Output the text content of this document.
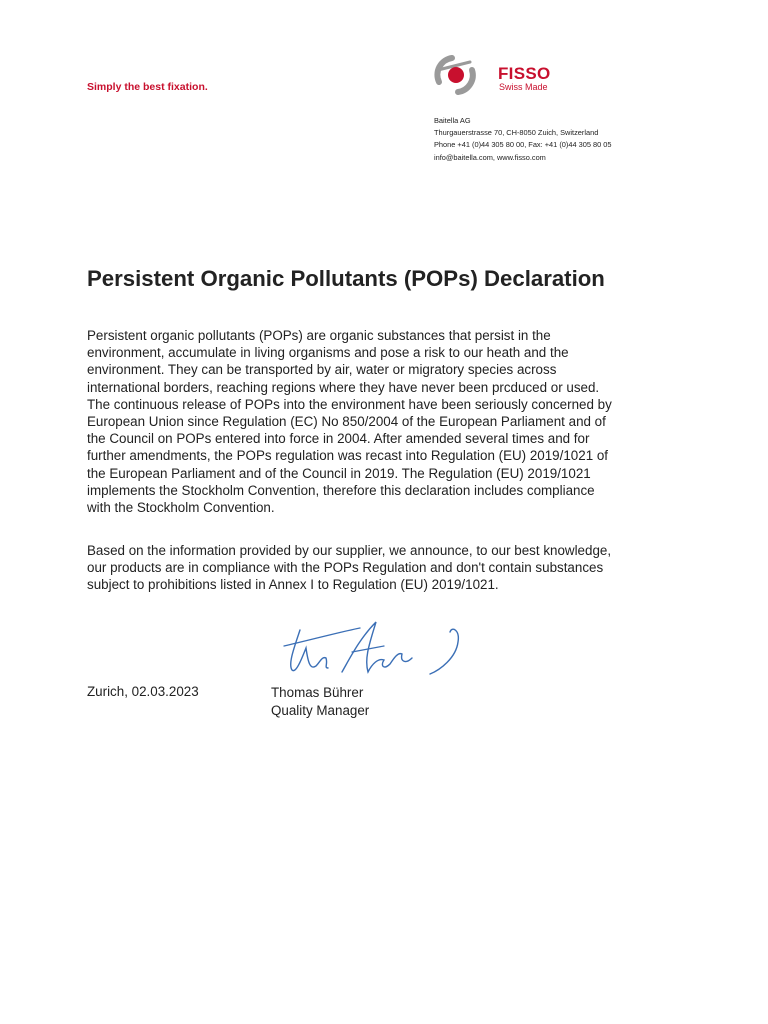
Simply the best fixation.
FISSO
Swiss Made
Baitella AG
Thurgauerstrasse 70, CH-8050 Zuich, Switzerland
Phone +41 (0)44 305 80 00, Fax: +41 (0)44 305 80 05
info@baitella.com, www.fisso.com
Persistent Organic Pollutants (POPs) Declaration
Persistent organic pollutants (POPs) are organic substances that persist in the
environment, accumulate in living organisms and pose a risk to our heath and the
environment. They can be transported by air, water or migratory species across
international borders, reaching regions where they have never been prcduced or used.
The continuous release of POPs into the environment have been seriously concerned by
European Union since Regulation (EC) No 850/2004 of the European Parliament and of
the Council on POPs entered into force in 2004. After amended several times and for
further amendments, the POPs regulation was recast into Regulation (EU) 2019/1021 of
the European Parliament and of the Council in 2019. The Regulation (EU) 2019/1021
implements the Stockholm Convention, therefore this declaration includes compliance
with the Stockholm Convention.
Based on the information provided by our supplier, we announce, to our best knowledge,
our products are in compliance with the POPs Regulation and don't contain substances
subject to prohibitions listed in Annex I to Regulation (EU) 2019/1021.
Zurich, 02.03.2023	Thomas Bührer
Quality Manager
